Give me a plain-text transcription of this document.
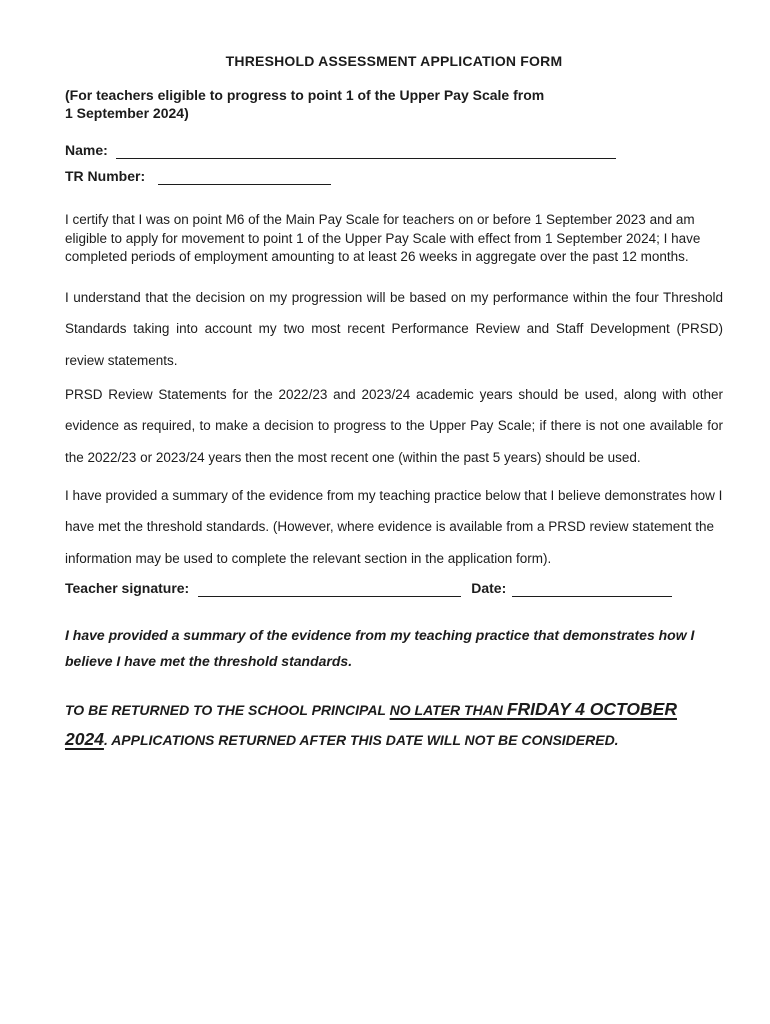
THRESHOLD ASSESSMENT APPLICATION FORM

(For teachers eligible to progress to point 1 of the Upper Pay Scale from
1 September 2024)

Name:
TR Number:

I certify that I was on point M6 of the Main Pay Scale for teachers on or before 1 September 2023 and am eligible to apply for movement to point 1 of the Upper Pay Scale with effect from 1 September 2024; I have completed periods of employment amounting to at least 26 weeks in aggregate over the past 12 months.

I understand that the decision on my progression will be based on my performance within the four Threshold Standards taking into account my two most recent Performance Review and Staff Development (PRSD) review statements.

PRSD Review Statements for the 2022/23 and 2023/24 academic years should be used, along with other evidence as required, to make a decision to progress to the Upper Pay Scale; if there is not one available for the 2022/23 or 2023/24 years then the most recent one (within the past 5 years) should be used.

I have provided a summary of the evidence from my teaching practice below that I believe demonstrates how I have met the threshold standards. (However, where evidence is available from a PRSD review statement the information may be used to complete the relevant section in the application form).

Teacher signature:	Date:

I have provided a summary of the evidence from my teaching practice that demonstrates how I believe I have met the threshold standards.

TO BE RETURNED TO THE SCHOOL PRINCIPAL NO LATER THAN FRIDAY 4 OCTOBER 2024. APPLICATIONS RETURNED AFTER THIS DATE WILL NOT BE CONSIDERED.
